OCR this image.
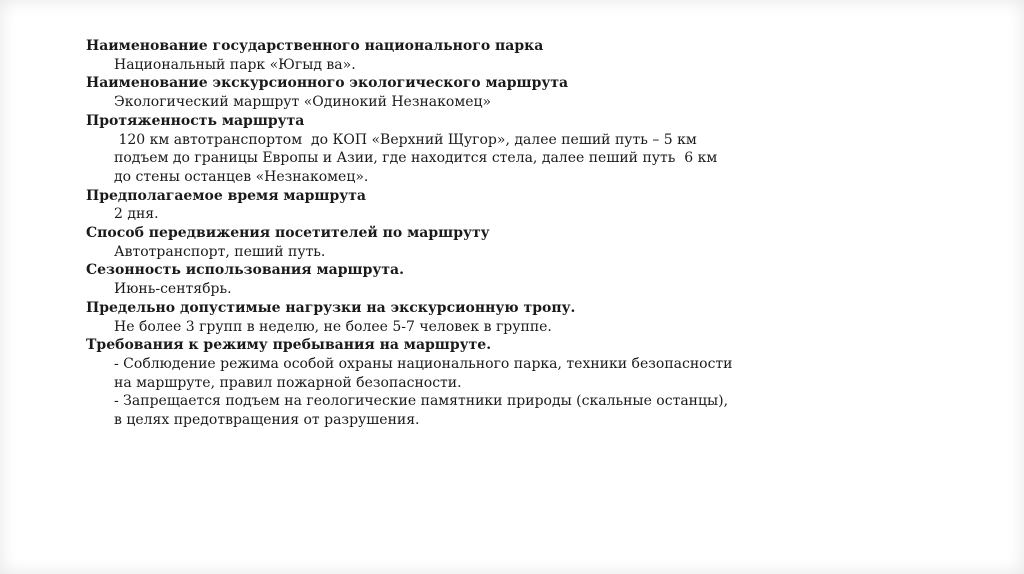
Наименование государственного национального парка

Национальный парк «Югыд ва».

Наименование экскурсионного экологического маршрута

Экологический маршрут «Одинокий Незнакомец»

Протяженность маршрута

120 км автотранспортом  до КОП «Верхний Щугор», далее пеший путь – 5 км

подъем до границы Европы и Азии, где находится стела, далее пеший путь  6 км

до стены останцев «Незнакомец».

Предполагаемое время маршрута

2 дня.

Способ передвижения посетителей по маршруту

Автотранспорт, пеший путь.

Сезонность использования маршрута.

Июнь-сентябрь.

Предельно допустимые нагрузки на экскурсионную тропу.

Не более 3 групп в неделю, не более 5-7 человек в группе.

Требования к режиму пребывания на маршруте.

- Соблюдение режима особой охраны национального парка, техники безопасности

на маршруте, правил пожарной безопасности.

- Запрещается подъем на геологические памятники природы (скальные останцы),

в целях предотвращения от разрушения.
